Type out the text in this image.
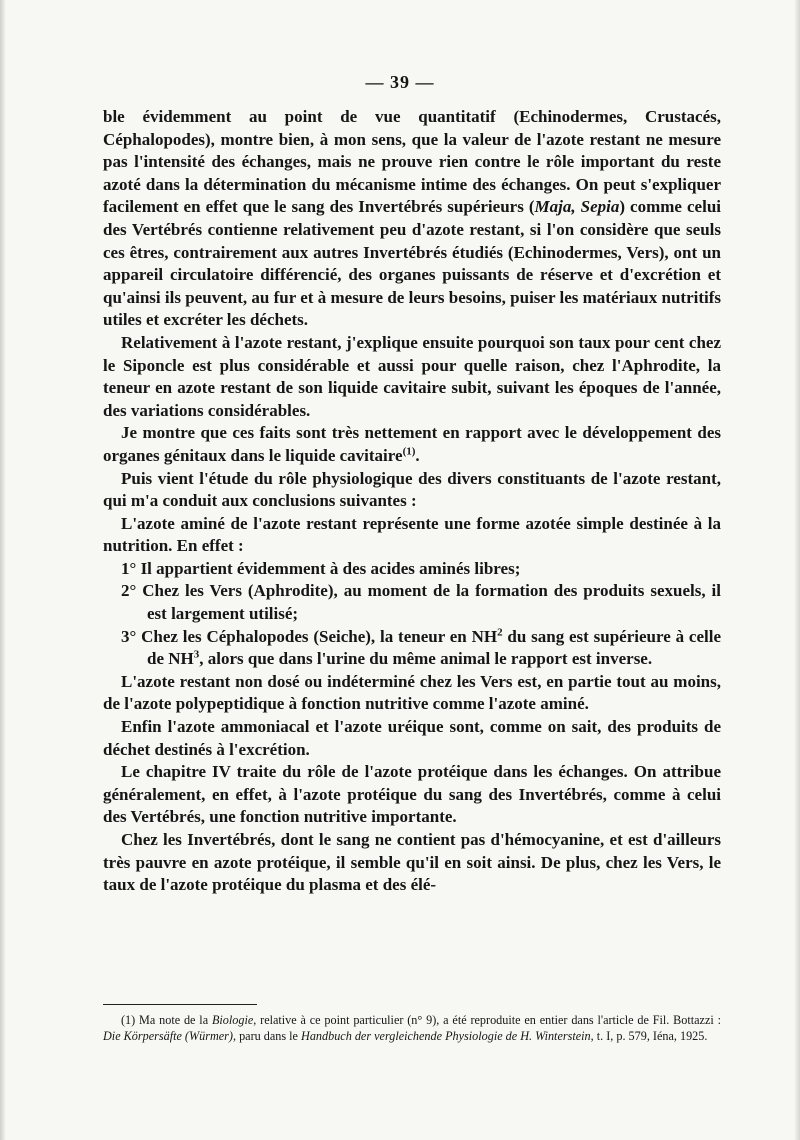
— 39 —

ble évidemment au point de vue quantitatif (Echinodermes, Crustacés, Céphalopodes), montre bien, à mon sens, que la valeur de l'azote restant ne mesure pas l'intensité des échanges, mais ne prouve rien contre le rôle important du reste azoté dans la détermination du mécanisme intime des échanges. On peut s'expliquer facilement en effet que le sang des Invertébrés supérieurs (Maja, Sepia) comme celui des Vertébrés contienne relativement peu d'azote restant, si l'on considère que seuls ces êtres, contrairement aux autres Invertébrés étudiés (Echinodermes, Vers), ont un appareil circulatoire différencié, des organes puissants de réserve et d'excrétion et qu'ainsi ils peuvent, au fur et à mesure de leurs besoins, puiser les matériaux nutritifs utiles et excréter les déchets.

Relativement à l'azote restant, j'explique ensuite pourquoi son taux pour cent chez le Siponcle est plus considérable et aussi pour quelle raison, chez l'Aphrodite, la teneur en azote restant de son liquide cavitaire subit, suivant les époques de l'année, des variations considérables.

Je montre que ces faits sont très nettement en rapport avec le développement des organes génitaux dans le liquide cavitaire$^{(1)}$.

Puis vient l'étude du rôle physiologique des divers constituants de l'azote restant, qui m'a conduit aux conclusions suivantes :

L'azote aminé de l'azote restant représente une forme azotée simple destinée à la nutrition. En effet :

1° Il appartient évidemment à des acides aminés libres;

2° Chez les Vers (Aphrodite), au moment de la formation des produits sexuels, il est largement utilisé;

3° Chez les Céphalopodes (Seiche), la teneur en $NH^2$ du sang est supérieure à celle de $NH^3$, alors que dans l'urine du même animal le rapport est inverse.

L'azote restant non dosé ou indéterminé chez les Vers est, en partie tout au moins, de l'azote polypeptidique à fonction nutritive comme l'azote aminé.

Enfin l'azote ammoniacal et l'azote uréique sont, comme on sait, des produits de déchet destinés à l'excrétion.

Le chapitre IV traite du rôle de l'azote protéique dans les échanges. On attribue généralement, en effet, à l'azote protéique du sang des Invertébrés, comme à celui des Vertébrés, une fonction nutritive importante.

Chez les Invertébrés, dont le sang ne contient pas d'hémocyanine, et est d'ailleurs très pauvre en azote protéique, il semble qu'il en soit ainsi. De plus, chez les Vers, le taux de l'azote protéique du plasma et des élé-

(1) Ma note de la Biologie, relative à ce point particulier (n° 9), a été reproduite en entier dans l'article de Fil. Bottazzi : Die Körpersäfte (Würmer), paru dans le Handbuch der vergleichende Physiologie de H. Winterstein, t. I, p. 579, Iéna, 1925.
